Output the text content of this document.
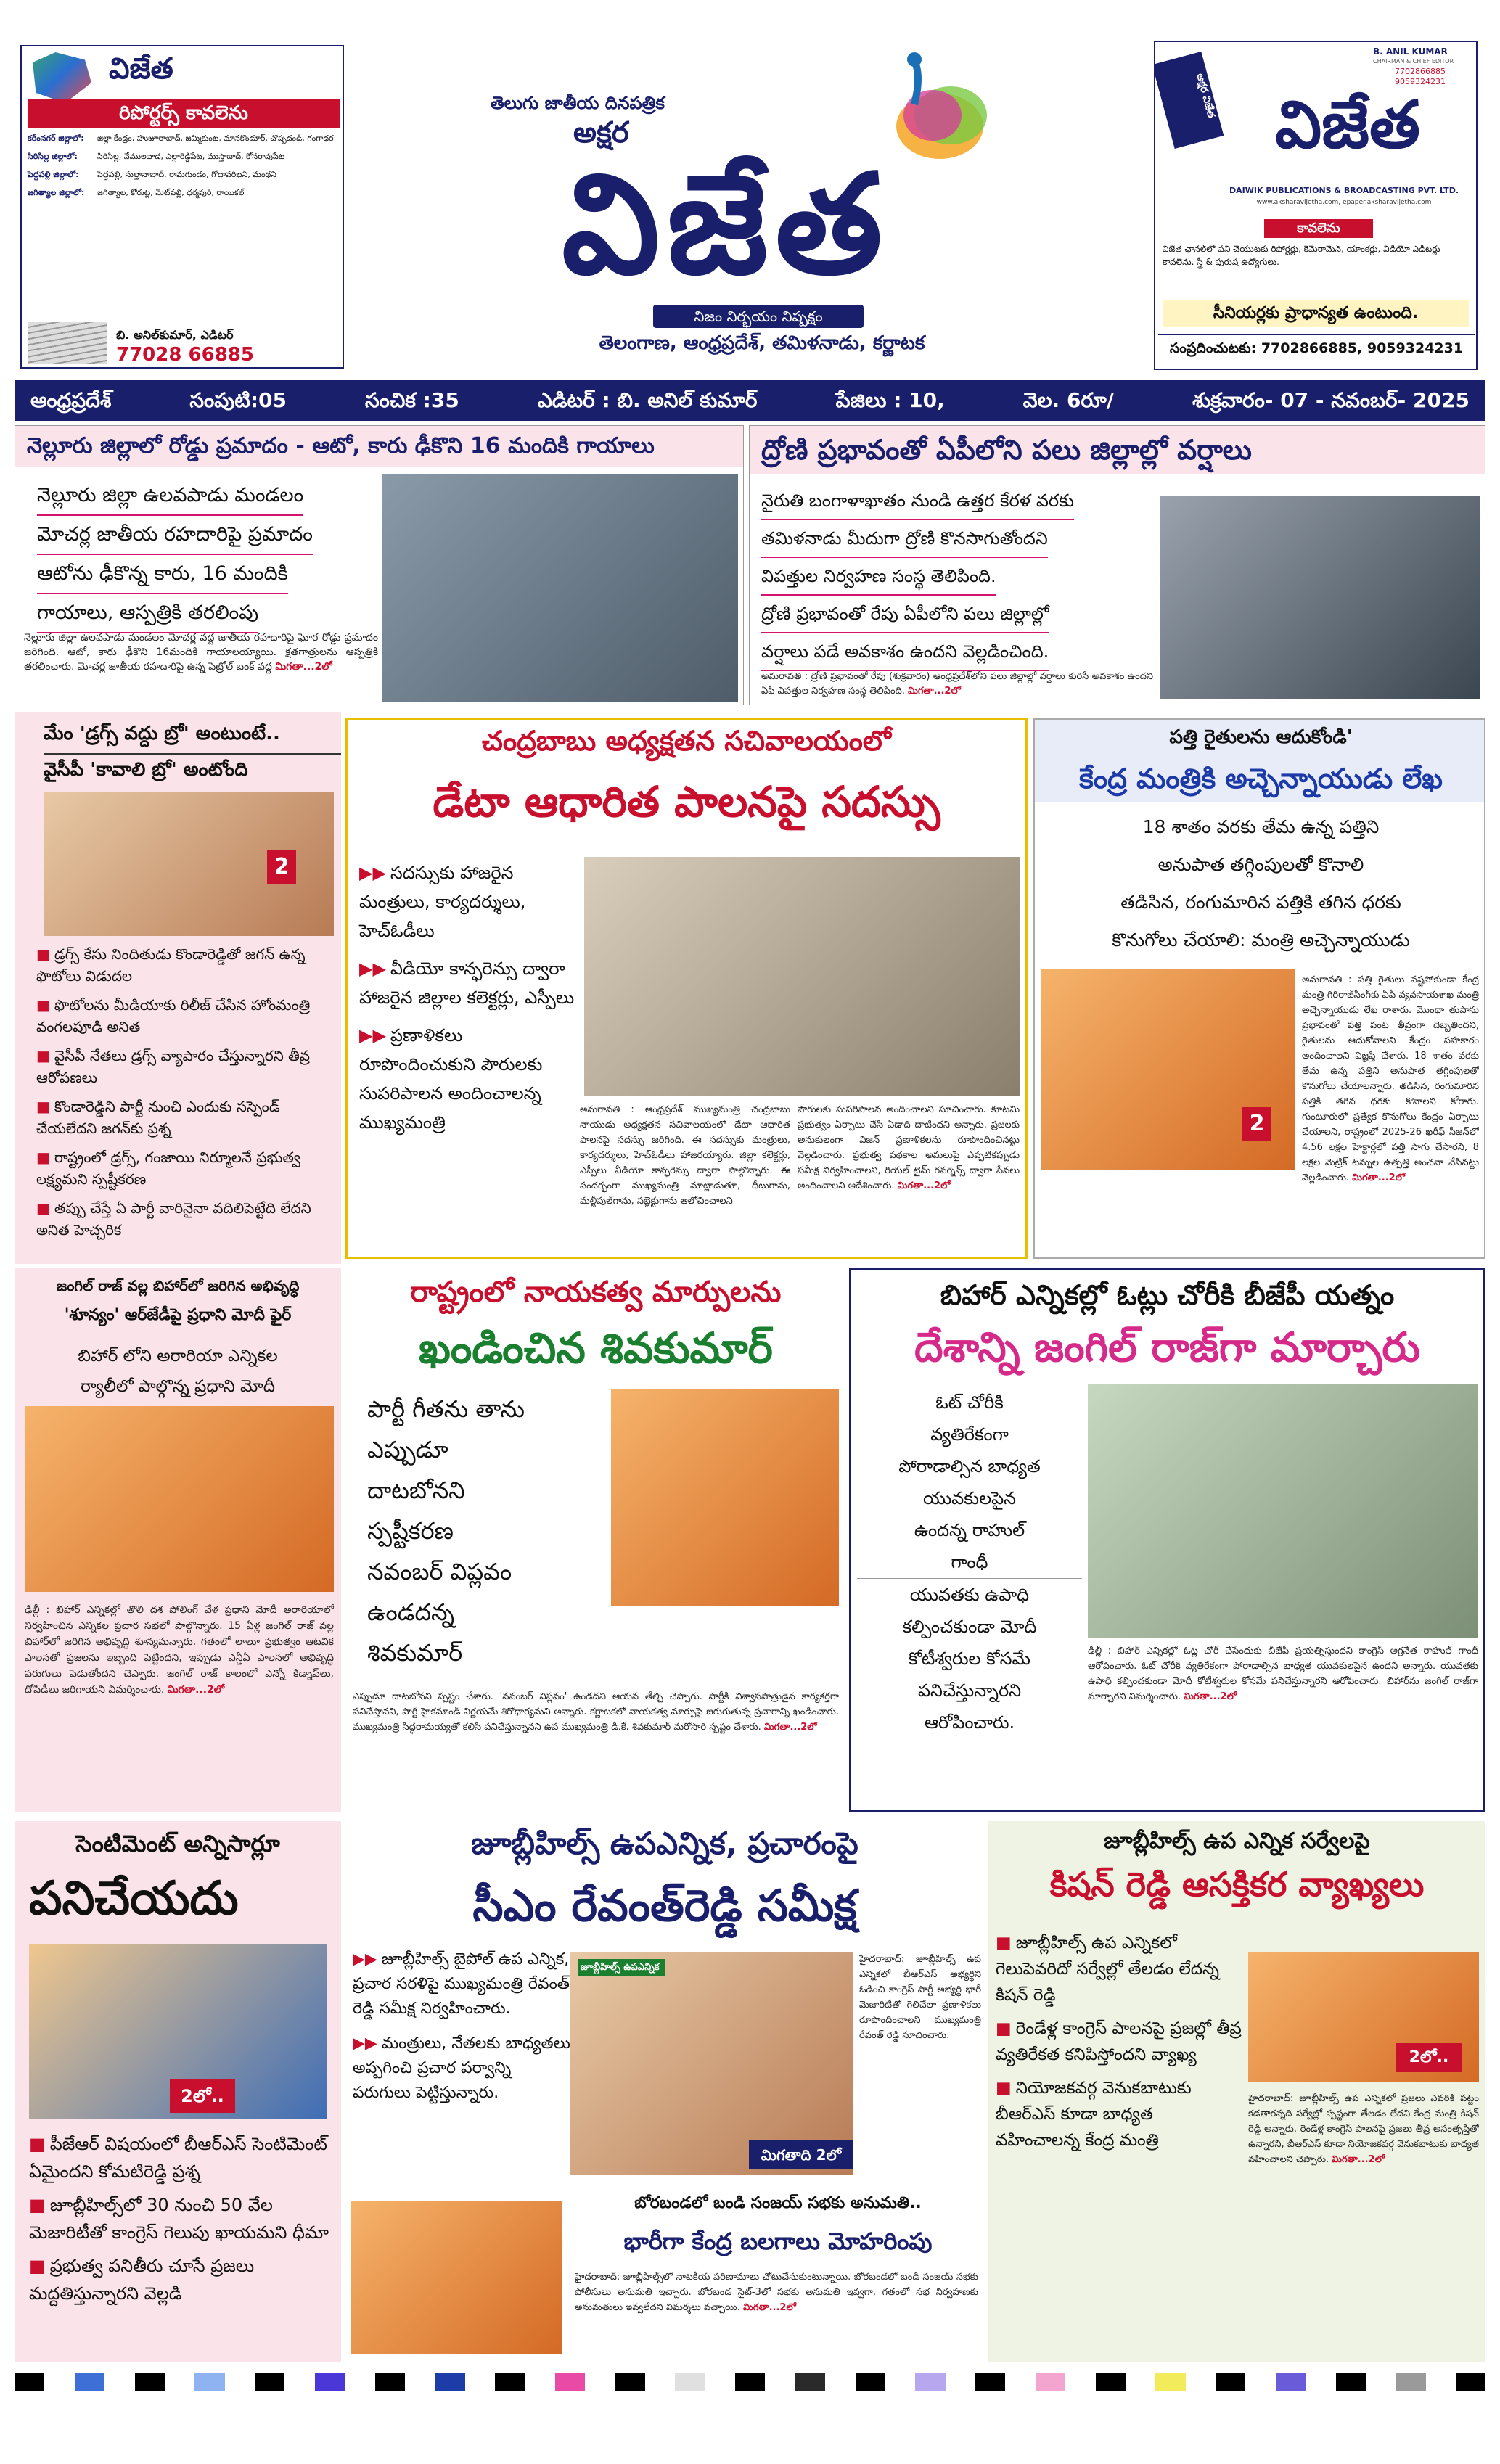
విజేత
రిపోర్టర్స్ కావలెను
కరీంనగర్ జిల్లాలో:	జిల్లా కేంద్రం, హుజూరాబాద్, జమ్మికుంట, మానకొండూర్, చొప్పదండి, గంగాధర
సిరిసిల్ల జిల్లాలో:	సిరిసిల్ల, వేములవాడ, ఎల్లారెడ్డిపేట, ముస్తాబాద్, కోనరావుపేట
పెద్దపల్లి జిల్లాలో:	పెద్దపల్లి, సుల్తానాబాద్, రామగుండం, గోదావరిఖని, మంథని
జగిత్యాల జిల్లాలో:	జగిత్యాల, కోరుట్ల, మెట్‌పల్లి, ధర్మపురి, రాయికల్
బి. అనిల్‌కుమార్, ఎడిటర్
77028 66885
తెలుగు జాతీయ దినపత్రిక
అక్షర
విజేత
నిజం నిర్భయం నిష్పక్షం
తెలంగాణ, ఆంధ్రప్రదేశ్, తమిళనాడు, కర్ణాటక
అక్షర విజేత
B. ANIL KUMAR
CHAIRMAN & CHIEF EDITOR
7702866885
9059324231
విజేత
DAIWIK PUBLICATIONS & BROADCASTING PVT. LTD.
www.aksharavijetha.com, epaper.aksharavijetha.com
కావలెను
విజేత ఛానల్‌లో పని చేయుటకు రిపోర్టర్లు, కెమెరామెన్, యాంకర్లు, వీడియో ఎడిటర్లు కావలెను. స్త్రీ & పురుష ఉద్యోగులు.
సీనియర్లకు ప్రాధాన్యత ఉంటుంది.
సంప్రదించుటకు: 7702866885, 9059324231
ఆంధ్రప్రదేశ్	సంపుటి:05	సంచిక :35	ఎడిటర్ : బి. అనిల్ కుమార్	పేజిలు : 10,	వెల. 6రూ/	శుక్రవారం- 07 - నవంబర్- 2025
నెల్లూరు జిల్లాలో రోడ్డు ప్రమాదం - ఆటో, కారు ఢీకొని 16 మందికి గాయాలు
నెల్లూరు జిల్లా ఉలవపాడు మండలం
మోచర్ల జాతీయ రహదారిపై ప్రమాదం
ఆటోను ఢీకొన్న కారు, 16 మందికి
గాయాలు, ఆస్పత్రికి తరలింపు
నెల్లూరు జిల్లా ఉలవపాడు మండలం మోచర్ల వద్ద జాతీయ రహదారిపై ఘోర రోడ్డు ప్రమాదం జరిగింది. ఆటో, కారు ఢీకొని 16మందికి గాయాలయ్యాయి. క్షతగాత్రులను ఆస్పత్రికి తరలించారు. మోచర్ల జాతీయ రహదారిపై ఉన్న పెట్రోల్ బంక్ వద్ద మిగతా...2లో
ద్రోణి ప్రభావంతో ఏపీలోని పలు జిల్లాల్లో వర్షాలు
నైరుతి బంగాళాఖాతం నుండి ఉత్తర కేరళ వరకు
తమిళనాడు మీదుగా ద్రోణి కొనసాగుతోందని
విపత్తుల నిర్వహణ సంస్థ తెలిపింది.
ద్రోణి ప్రభావంతో రేపు ఏపీలోని పలు జిల్లాల్లో
వర్షాలు పడే అవకాశం ఉందని వెల్లడించింది.
అమరావతి : ద్రోణి ప్రభావంతో రేపు (శుక్రవారం) ఆంధ్రప్రదేశ్‌లోని పలు జిల్లాల్లో వర్షాలు కురిసే అవకాశం ఉందని ఏపీ విపత్తుల నిర్వహణ సంస్థ తెలిపింది. మిగతా...2లో
మేం 'డ్రగ్స్ వద్దు బ్రో' అంటుంటే..
వైసీపీ 'కావాలి బ్రో' అంటోంది
2
■ డ్రగ్స్ కేసు నిందితుడు కొండారెడ్డితో జగన్ ఉన్న ఫొటోలు విడుదల
■ ఫొటోలను మీడియాకు రిలీజ్ చేసిన హోంమంత్రి వంగలపూడి అనిత
■ వైసీపీ నేతలు డ్రగ్స్ వ్యాపారం చేస్తున్నారని తీవ్ర ఆరోపణలు
■ కొండారెడ్డిని పార్టీ నుంచి ఎందుకు సస్పెండ్ చేయలేదని జగన్‌కు ప్రశ్న
■ రాష్ట్రంలో డ్రగ్స్, గంజాయి నిర్మూలనే ప్రభుత్వ లక్ష్యమని స్పష్టీకరణ
■ తప్పు చేస్తే ఏ పార్టీ వారినైనా వదిలిపెట్టేది లేదని అనిత హెచ్చరిక
చంద్రబాబు అధ్యక్షతన సచివాలయంలో
డేటా ఆధారిత పాలనపై సదస్సు
▶▶ సదస్సుకు హాజరైన మంత్రులు, కార్యదర్శులు, హెచ్ఓడీలు
▶▶ వీడియో కాన్ఫరెన్సు ద్వారా హాజరైన జిల్లాల కలెక్టర్లు, ఎస్పీలు
▶▶ ప్రణాళికలు రూపొందించుకుని పౌరులకు సుపరిపాలన అందించాలన్న ముఖ్యమంత్రి
అమరావతి : ఆంధ్రప్రదేశ్ ముఖ్యమంత్రి చంద్రబాబు నాయుడు అధ్యక్షతన సచివాలయంలో డేటా ఆధారిత పాలనపై సదస్సు జరిగింది. ఈ సదస్సుకు మంత్రులు, కార్యదర్శులు, హెచ్ఓడీలు హాజరయ్యారు. జిల్లా కలెక్టర్లు, ఎస్పీలు వీడియో కాన్ఫరెన్సు ద్వారా పాల్గొన్నారు. ఈ సందర్భంగా ముఖ్యమంత్రి మాట్లాడుతూ, ధీటుగాను, మల్టీపుల్‌గాను, సబ్జెక్టుగాను ఆలోచించాలని
పౌరులకు సుపరిపాలన అందించాలని సూచించారు. కూటమి ప్రభుత్వం ఏర్పాటు చేసి ఏడాది దాటిందని అన్నారు. ప్రజలకు అనుకులంగా విజన్ ప్రణాళికలను రూపొందించినట్టు వెల్లడించారు. ప్రభుత్వ పథకాల అమలుపై ఎప్పటికప్పుడు సమీక్ష నిర్వహించాలని, రియల్ టైమ్ గవర్నెన్స్ ద్వారా సేవలు అందించాలని ఆదేశించారు. మిగతా...2లో
పత్తి రైతులను ఆదుకోండి'
కేంద్ర మంత్రికి అచ్చెన్నాయుడు లేఖ
18 శాతం వరకు తేమ ఉన్న పత్తిని
అనుపాత తగ్గింపులతో కొనాలి
తడిసిన, రంగుమారిన పత్తికి తగిన ధరకు
కొనుగోలు చేయాలి: మంత్రి అచ్చెన్నాయుడు
2
అమరావతి : పత్తి రైతులు నష్టపోకుండా కేంద్ర మంత్రి గిరిరాజ్‌సింగ్‌కు ఏపీ వ్యవసాయశాఖ మంత్రి అచ్చెన్నాయుడు లేఖ రాశారు. మొంథా తుపాను ప్రభావంతో పత్తి పంట తీవ్రంగా దెబ్బతిందని, రైతులను ఆదుకోవాలని కేంద్రం సహకారం అందించాలని విజ్ఞప్తి చేశారు. 18 శాతం వరకు తేమ ఉన్న పత్తిని అనుపాత తగ్గింపులతో కొనుగోలు చేయాలన్నారు. తడిసిన, రంగుమారిన పత్తికి తగిన ధరకు కొనాలని కోరారు. గుంటూరులో ప్రత్యేక కొనుగోలు కేంద్రం ఏర్పాటు చేయాలని, రాష్ట్రంలో 2025-26 ఖరీఫ్ సీజన్‌లో 4.56 లక్షల హెక్టార్లలో పత్తి సాగు చేసారని, 8 లక్షల మెట్రిక్ టన్నుల ఉత్పత్తి అంచనా వేసినట్టు వెల్లడించారు. మిగతా...2లో
జంగిల్ రాజ్ వల్ల బిహార్‌లో జరిగిన అభివృద్ధి
'శూన్యం' ఆర్‌జేడీపై ప్రధాని మోదీ ఫైర్
బిహార్ లోని అరారియా ఎన్నికల
ర్యాలీలో పాల్గొన్న ప్రధాని మోదీ
ఢిల్లీ : బిహార్ ఎన్నికల్లో తొలి దశ పోలింగ్ వేళ ప్రధాని మోదీ అరారియాలో నిర్వహించిన ఎన్నికల ప్రచార సభలో పాల్గొన్నారు. 15 ఏళ్ల జంగిల్ రాజ్ వల్ల బిహార్‌లో జరిగిన అభివృద్ధి శూన్యమన్నారు. గతంలో లాలూ ప్రభుత్వం ఆటవిక పాలనతో ప్రజలను ఇబ్బంది పెట్టిందని, ఇప్పుడు ఎన్డీఏ పాలనలో అభివృద్ధి పరుగులు పెడుతోందని చెప్పారు. జంగిల్ రాజ్ కాలంలో ఎన్నో కిడ్నాప్‌లు, దోపిడీలు జరిగాయని విమర్శించారు. మిగతా...2లో
రాష్ట్రంలో నాయకత్వ మార్పులను
ఖండించిన శివకుమార్
పార్టీ గీతను తాను
ఎప్పుడూ
దాటబోనని
స్పష్టీకరణ
నవంబర్ విప్లవం
ఉండదన్న
శివకుమార్
ఎప్పుడూ దాటబోనని స్పష్టం చేశారు. 'నవంబర్ విప్లవం' ఉండదని ఆయన తేల్చి చెప్పారు. పార్టీకి విశ్వాసపాత్రుడైన కార్యకర్తగా పనిచేస్తానని, పార్టీ హైకమాండ్ నిర్ణయమే శిరోధార్యమని అన్నారు. కర్ణాటకలో నాయకత్వ మార్పుపై జరుగుతున్న ప్రచారాన్ని ఖండించారు. ముఖ్యమంత్రి సిద్ధరామయ్యతో కలిసి పనిచేస్తున్నానని ఉప ముఖ్యమంత్రి డీ.కే. శివకుమార్ మరోసారి స్పష్టం చేశారు. మిగతా...2లో
బిహార్ ఎన్నికల్లో ఓట్లు చోరీకి బీజేపీ యత్నం
దేశాన్ని జంగిల్ రాజ్‌గా మార్చారు
ఓట్ చోరీకి
వ్యతిరేకంగా
పోరాడాల్సిన బాధ్యత
యువకులపైన
ఉందన్న రాహుల్
గాంధీ
యువతకు ఉపాధి
కల్పించకుండా మోదీ
కోటీశ్వరుల కోసమే
పనిచేస్తున్నారని
ఆరోపించారు.
ఢిల్లీ : బిహార్ ఎన్నికల్లో ఓట్ల చోరీ చేసేందుకు బీజేపీ ప్రయత్నిస్తుందని కాంగ్రెస్ అగ్రనేత రాహుల్ గాంధీ ఆరోపించారు. ఓట్ చోరీకి వ్యతిరేకంగా పోరాడాల్సిన బాధ్యత యువకులపైన ఉందని అన్నారు. యువతకు ఉపాధి కల్పించకుండా మోదీ కోటీశ్వరుల కోసమే పనిచేస్తున్నారని ఆరోపించారు. బిహార్‌ను జంగిల్ రాజ్‌గా మార్చారని విమర్శించారు. మిగతా...2లో
సెంటిమెంట్ అన్నిసార్లూ
పనిచేయదు
2లో..
■ పీజేఆర్ విషయంలో బీఆర్ఎస్ సెంటిమెంట్ ఏమైందని కోమటిరెడ్డి ప్రశ్న
■ జూబ్లీహిల్స్‌లో 30 నుంచి 50 వేల మెజారిటీతో కాంగ్రెస్ గెలుపు ఖాయమని ధీమా
■ ప్రభుత్వ పనితీరు చూసే ప్రజలు మద్దతిస్తున్నారని వెల్లడి
జూబ్లీహిల్స్ ఉపఎన్నిక, ప్రచారంపై
సీఎం రేవంత్‌రెడ్డి సమీక్ష
▶▶ జూబ్లీహిల్స్ బైపోల్ ఉప ఎన్నిక, ప్రచార సరళిపై ముఖ్యమంత్రి రేవంత్ రెడ్డి సమీక్ష నిర్వహించారు.
▶▶ మంత్రులు, నేతలకు బాధ్యతలు అప్పగించి ప్రచార పర్వాన్ని పరుగులు పెట్టిస్తున్నారు.
జూబ్లీహిల్స్ ఉపఎన్నిక
మిగతాది 2లో
హైదరాబాద్: జూబ్లీహిల్స్ ఉప ఎన్నికలో బీఆర్ఎస్ అభ్యర్థిని ఓడించి కాంగ్రెస్ పార్టీ అభ్యర్థి భారీ మెజారిటీతో గెలిచేలా ప్రణాళికలు రూపొందించాలని ముఖ్యమంత్రి రేవంత్ రెడ్డి సూచించారు.
బోరబండలో బండి సంజయ్ సభకు అనుమతి..
భారీగా కేంద్ర బలగాలు మోహరింపు
హైదరాబాద్: జూబ్లీహిల్స్‌లో నాటకీయ పరిణామాలు చోటుచేసుకుంటున్నాయి. బోరబండలో బండి సంజయ్ సభకు పోలీసులు అనుమతి ఇచ్చారు. బోరబండ సైట్-3లో సభకు అనుమతి ఇవ్వగా, గతంలో సభ నిర్వహణకు అనుమతులు ఇవ్వలేదని విమర్శలు వచ్చాయి. మిగతా...2లో
జూబ్లీహిల్స్ ఉప ఎన్నిక సర్వేలపై
కిషన్ రెడ్డి ఆసక్తికర వ్యాఖ్యలు
■ జూబ్లీహిల్స్ ఉప ఎన్నికలో గెలుపెవరిదో సర్వేల్లో తేలడం లేదన్న కిషన్ రెడ్డి
■ రెండేళ్ల కాంగ్రెస్ పాలనపై ప్రజల్లో తీవ్ర వ్యతిరేకత కనిపిస్తోందని వ్యాఖ్య
■ నియోజకవర్గ వెనుకబాటుకు బీఆర్ఎస్ కూడా బాధ్యత వహించాలన్న కేంద్ర మంత్రి
2లో..
హైదరాబాద్: జూబ్లీహిల్స్ ఉప ఎన్నికలో ప్రజలు ఎవరికి పట్టం కడతారన్నది సర్వేల్లో స్పష్టంగా తేలడం లేదని కేంద్ర మంత్రి కిషన్ రెడ్డి అన్నారు. రెండేళ్ల కాంగ్రెస్ పాలనపై ప్రజలు తీవ్ర అసంతృప్తితో ఉన్నారని, బీఆర్ఎస్ కూడా నియోజకవర్గ వెనుకబాటుకు బాధ్యత వహించాలని చెప్పారు. మిగతా...2లో
